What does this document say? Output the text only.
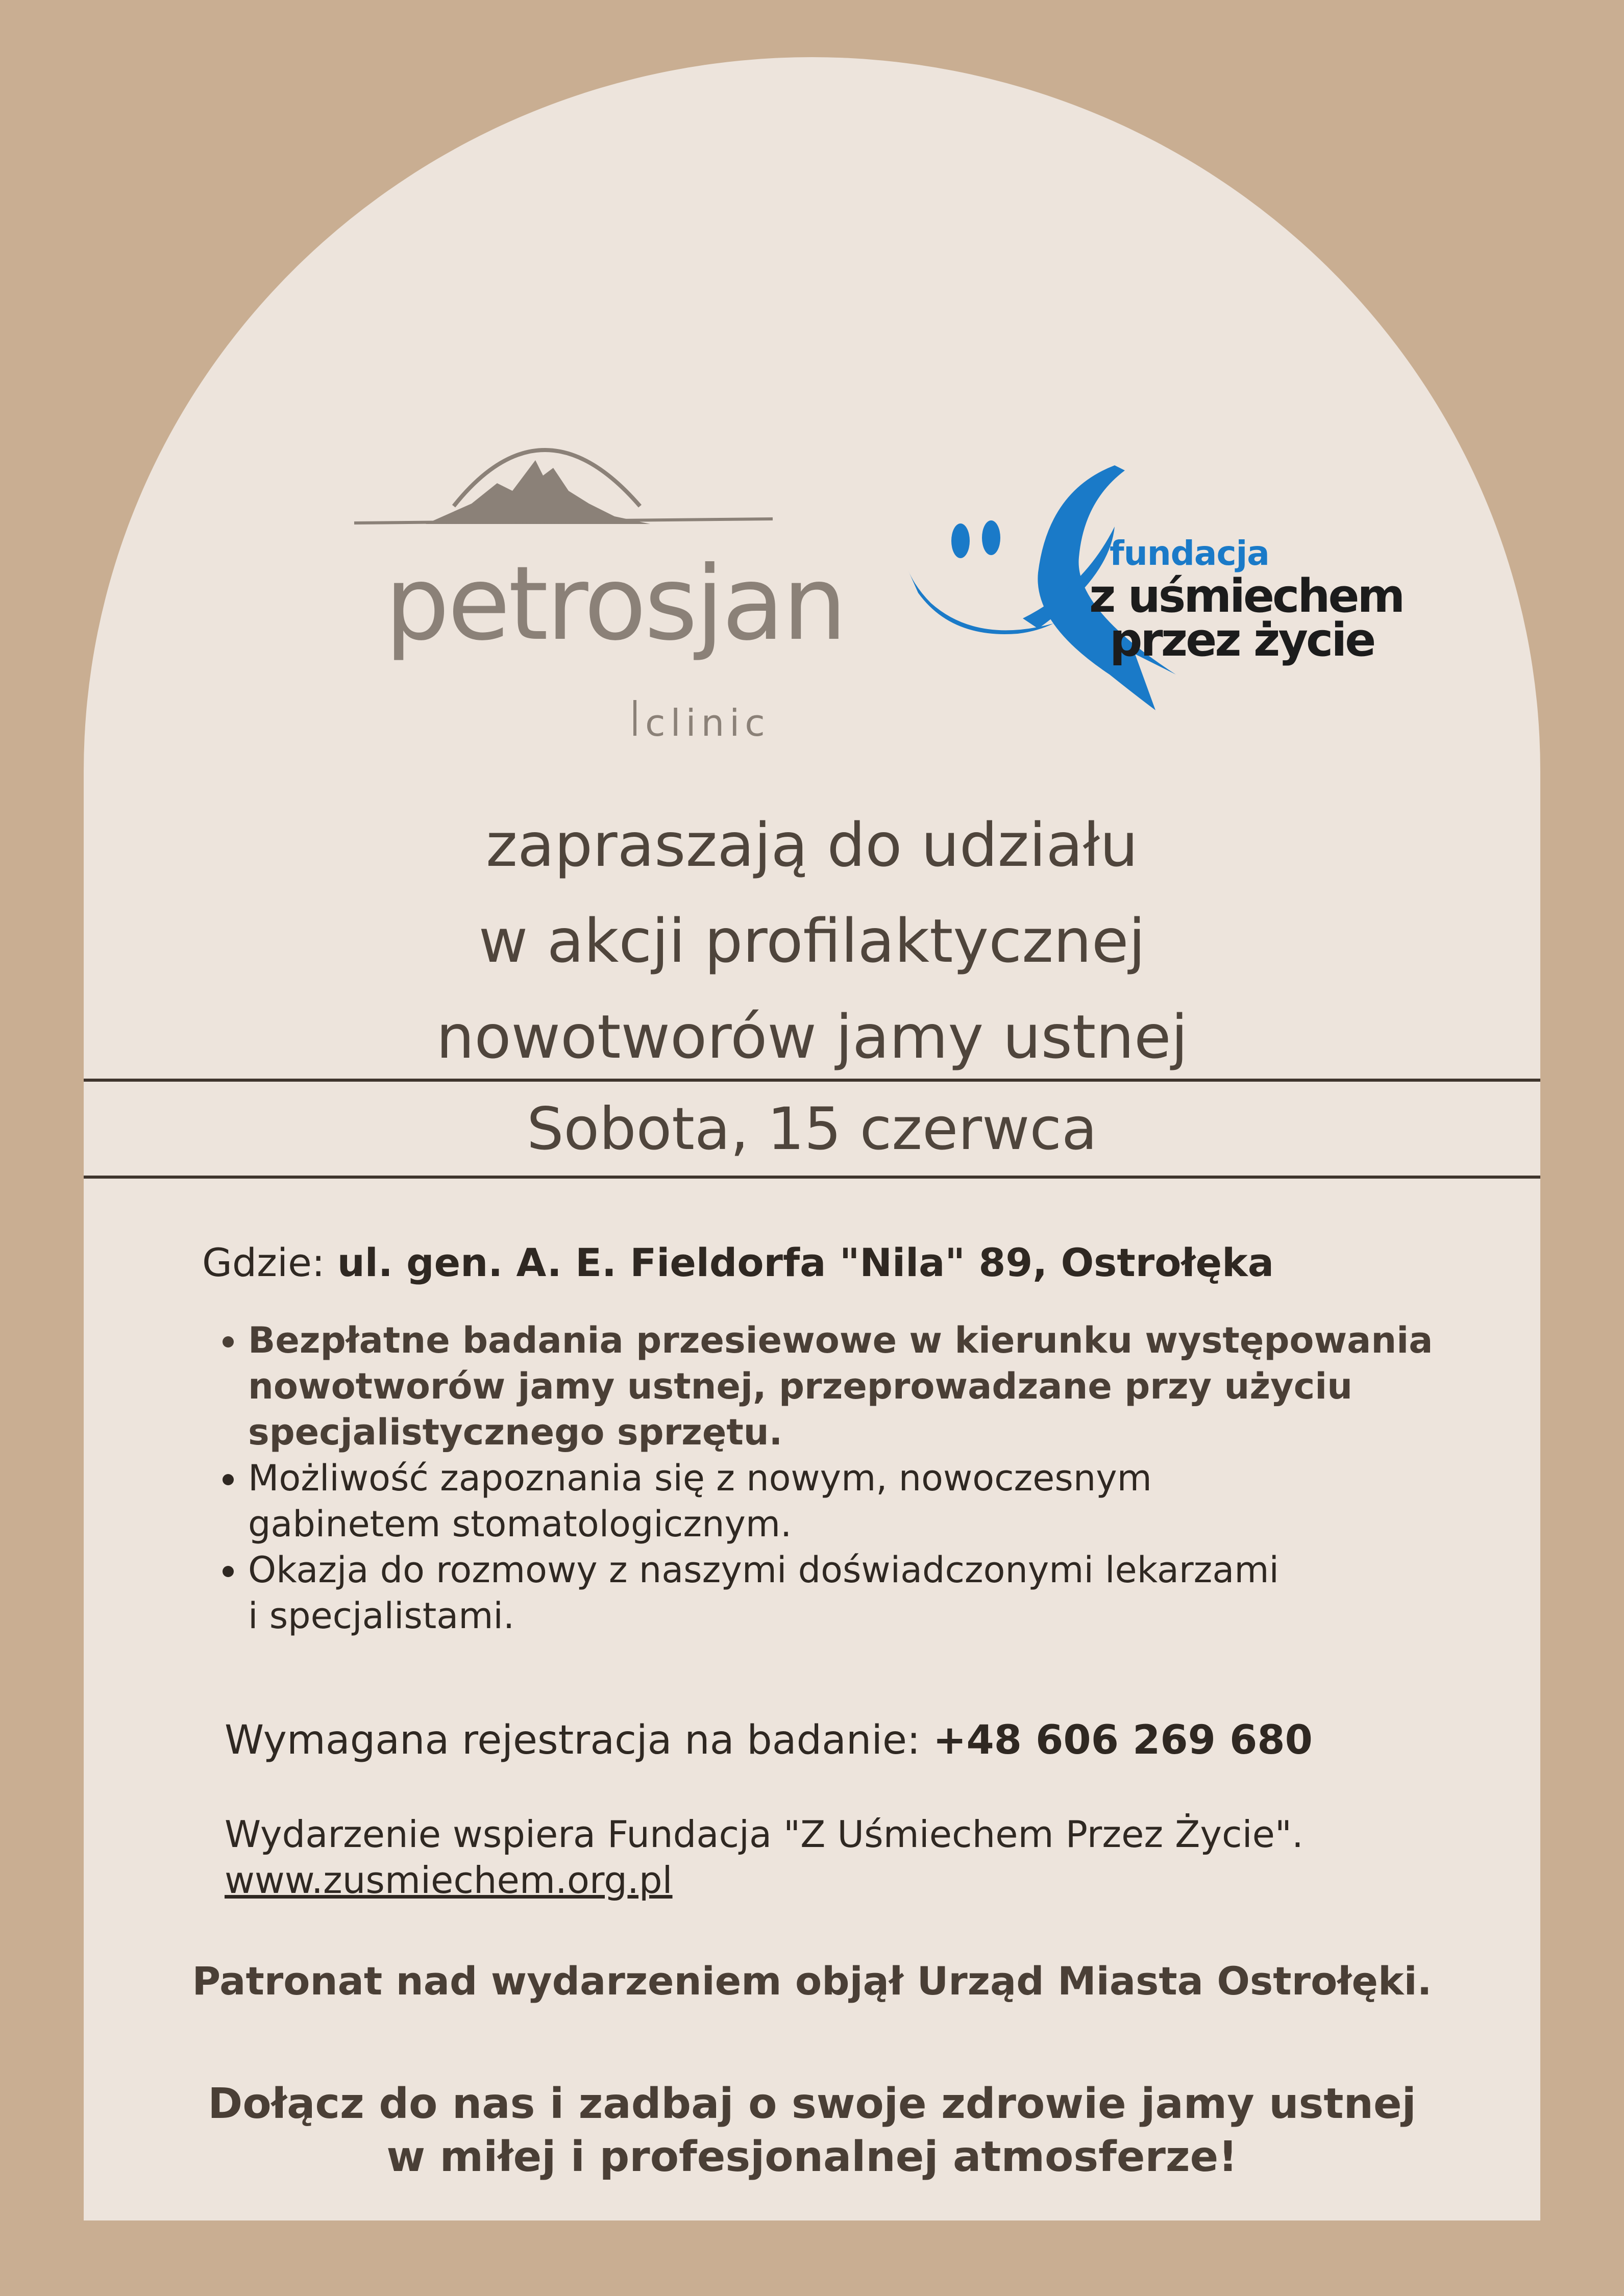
petrosjan
clinic
fundacja
z uśmiechem
przez życie
zapraszają do udziału
w akcji profilaktycznej
nowotworów jamy ustnej
Sobota, 15 czerwca
Gdzie: ul. gen. A. E. Fieldorfa "Nila" 89, Ostrołęka
• Bezpłatne badania przesiewowe w kierunku występowania
nowotworów jamy ustnej, przeprowadzane przy użyciu
specjalistycznego sprzętu.
• Możliwość zapoznania się z nowym, nowoczesnym
gabinetem stomatologicznym.
• Okazja do rozmowy z naszymi doświadczonymi lekarzami
i specjalistami.
Wymagana rejestracja na badanie: +48 606 269 680
Wydarzenie wspiera Fundacja "Z Uśmiechem Przez Życie".
www.zusmiechem.org.pl
Patronat nad wydarzeniem objął Urząd Miasta Ostrołęki.
Dołącz do nas i zadbaj o swoje zdrowie jamy ustnej
w miłej i profesjonalnej atmosferze!
